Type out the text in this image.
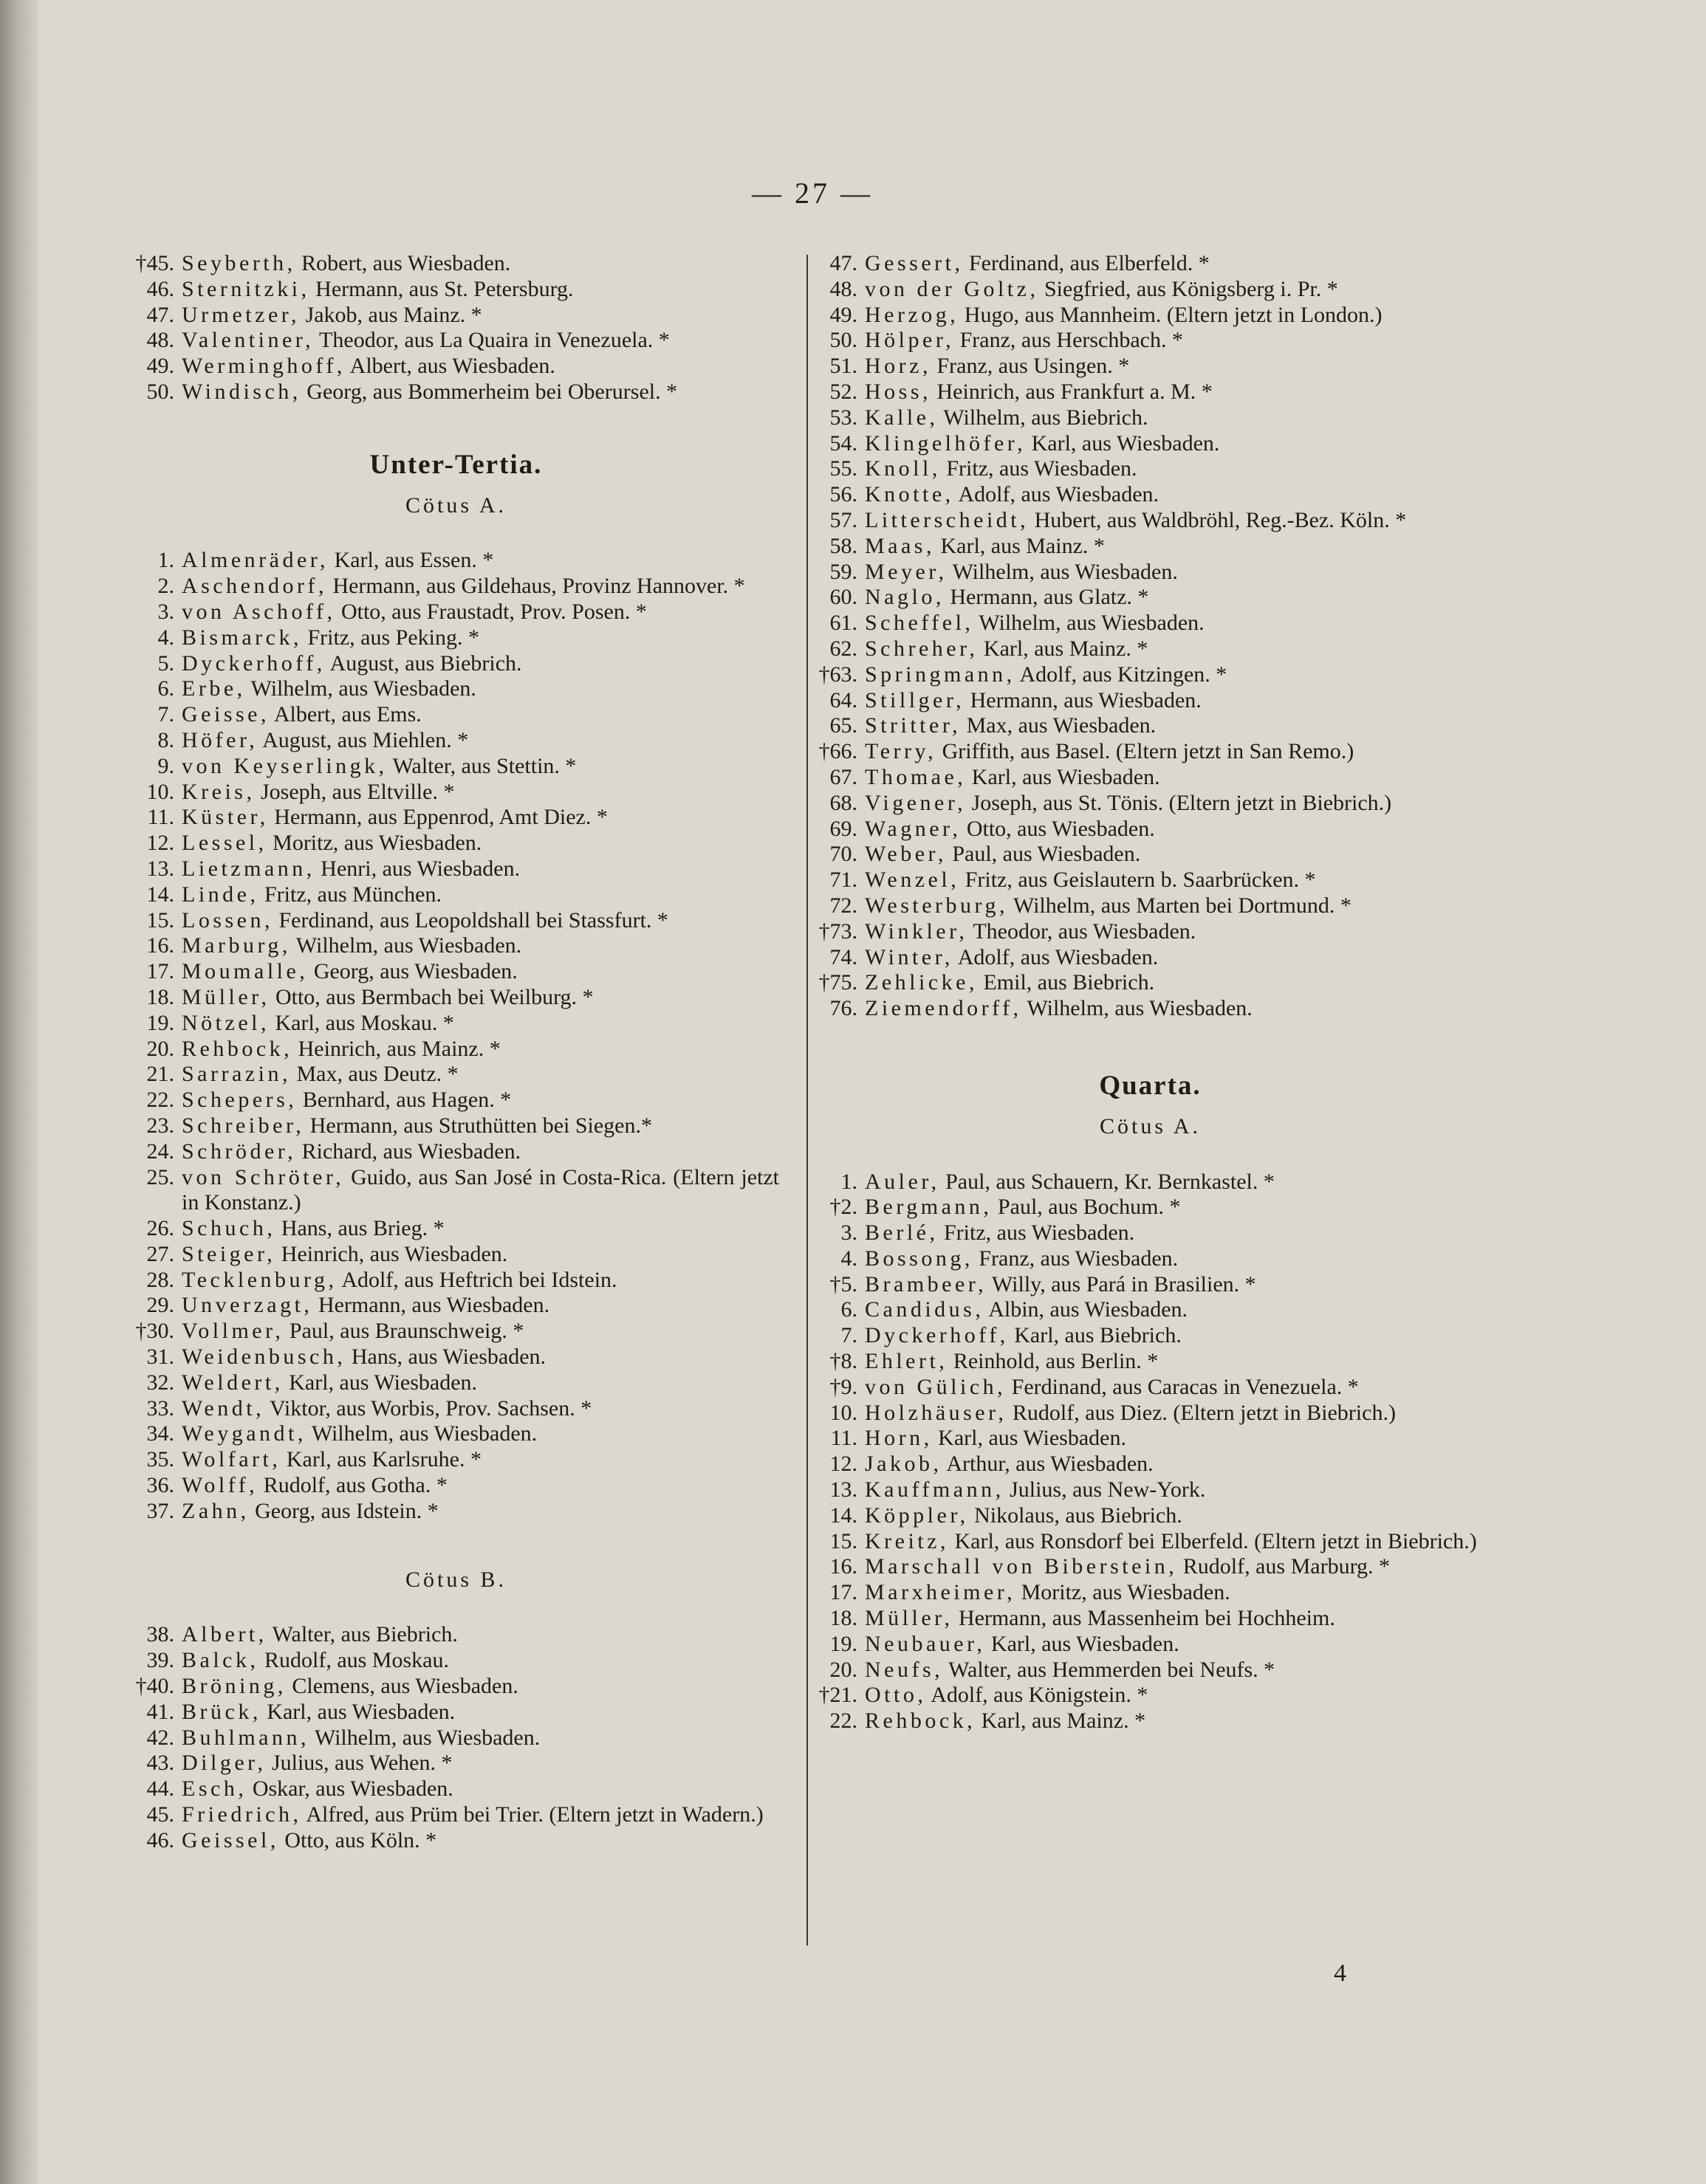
— 27 —
†45. Seyberth, Robert, aus Wiesbaden.
46. Sternitzki, Hermann, aus St. Petersburg.
47. Urmetzer, Jakob, aus Mainz. *
48. Valentiner, Theodor, aus La Quaira in Venezuela. *
49. Werminghoff, Albert, aus Wiesbaden.
50. Windisch, Georg, aus Bommerheim bei Oberursel. *
Unter-Tertia.
Cötus A.
1. Almenräder, Karl, aus Essen. *
2. Aschendorf, Hermann, aus Gildehaus, Provinz Hannover. *
3. von Aschoff, Otto, aus Fraustadt, Prov. Posen. *
4. Bismarck, Fritz, aus Peking. *
5. Dyckerhoff, August, aus Biebrich.
6. Erbe, Wilhelm, aus Wiesbaden.
7. Geisse, Albert, aus Ems.
8. Höfer, August, aus Miehlen. *
9. von Keyserlingk, Walter, aus Stettin. *
10. Kreis, Joseph, aus Eltville. *
11. Küster, Hermann, aus Eppenrod, Amt Diez. *
12. Lessel, Moritz, aus Wiesbaden.
13. Lietzmann, Henri, aus Wiesbaden.
14. Linde, Fritz, aus München.
15. Lossen, Ferdinand, aus Leopoldshall bei Stassfurt. *
16. Marburg, Wilhelm, aus Wiesbaden.
17. Moumalle, Georg, aus Wiesbaden.
18. Müller, Otto, aus Bermbach bei Weilburg. *
19. Nötzel, Karl, aus Moskau. *
20. Rehbock, Heinrich, aus Mainz. *
21. Sarrazin, Max, aus Deutz. *
22. Schepers, Bernhard, aus Hagen. *
23. Schreiber, Hermann, aus Struthütten bei Siegen.*
24. Schröder, Richard, aus Wiesbaden.
25. von Schröter, Guido, aus San José in Costa-Rica. (Eltern jetzt in Konstanz.)
26. Schuch, Hans, aus Brieg. *
27. Steiger, Heinrich, aus Wiesbaden.
28. Tecklenburg, Adolf, aus Heftrich bei Idstein.
29. Unverzagt, Hermann, aus Wiesbaden.
†30. Vollmer, Paul, aus Braunschweig. *
31. Weidenbusch, Hans, aus Wiesbaden.
32. Weldert, Karl, aus Wiesbaden.
33. Wendt, Viktor, aus Worbis, Prov. Sachsen. *
34. Weygandt, Wilhelm, aus Wiesbaden.
35. Wolfart, Karl, aus Karlsruhe. *
36. Wolff, Rudolf, aus Gotha. *
37. Zahn, Georg, aus Idstein. *
Cötus B.
38. Albert, Walter, aus Biebrich.
39. Balck, Rudolf, aus Moskau.
†40. Bröning, Clemens, aus Wiesbaden.
41. Brück, Karl, aus Wiesbaden.
42. Buhlmann, Wilhelm, aus Wiesbaden.
43. Dilger, Julius, aus Wehen. *
44. Esch, Oskar, aus Wiesbaden.
45. Friedrich, Alfred, aus Prüm bei Trier. (Eltern jetzt in Wadern.)
46. Geissel, Otto, aus Köln. *
47. Gessert, Ferdinand, aus Elberfeld. *
48. von der Goltz, Siegfried, aus Königsberg i. Pr. *
49. Herzog, Hugo, aus Mannheim. (Eltern jetzt in London.)
50. Hölper, Franz, aus Herschbach. *
51. Horz, Franz, aus Usingen. *
52. Hoss, Heinrich, aus Frankfurt a. M. *
53. Kalle, Wilhelm, aus Biebrich.
54. Klingelhöfer, Karl, aus Wiesbaden.
55. Knoll, Fritz, aus Wiesbaden.
56. Knotte, Adolf, aus Wiesbaden.
57. Litterscheidt, Hubert, aus Waldbröhl, Reg.-Bez. Köln. *
58. Maas, Karl, aus Mainz. *
59. Meyer, Wilhelm, aus Wiesbaden.
60. Naglo, Hermann, aus Glatz. *
61. Scheffel, Wilhelm, aus Wiesbaden.
62. Schreher, Karl, aus Mainz. *
†63. Springmann, Adolf, aus Kitzingen. *
64. Stillger, Hermann, aus Wiesbaden.
65. Stritter, Max, aus Wiesbaden.
†66. Terry, Griffith, aus Basel. (Eltern jetzt in San Remo.)
67. Thomae, Karl, aus Wiesbaden.
68. Vigener, Joseph, aus St. Tönis. (Eltern jetzt in Biebrich.)
69. Wagner, Otto, aus Wiesbaden.
70. Weber, Paul, aus Wiesbaden.
71. Wenzel, Fritz, aus Geislautern b. Saarbrücken. *
72. Westerburg, Wilhelm, aus Marten bei Dortmund. *
†73. Winkler, Theodor, aus Wiesbaden.
74. Winter, Adolf, aus Wiesbaden.
†75. Zehlicke, Emil, aus Biebrich.
76. Ziemendorff, Wilhelm, aus Wiesbaden.
Quarta.
Cötus A.
1. Auler, Paul, aus Schauern, Kr. Bernkastel. *
†2. Bergmann, Paul, aus Bochum. *
3. Berlé, Fritz, aus Wiesbaden.
4. Bossong, Franz, aus Wiesbaden.
†5. Brambeer, Willy, aus Pará in Brasilien. *
6. Candidus, Albin, aus Wiesbaden.
7. Dyckerhoff, Karl, aus Biebrich.
†8. Ehlert, Reinhold, aus Berlin. *
†9. von Gülich, Ferdinand, aus Caracas in Venezuela. *
10. Holzhäuser, Rudolf, aus Diez. (Eltern jetzt in Biebrich.)
11. Horn, Karl, aus Wiesbaden.
12. Jakob, Arthur, aus Wiesbaden.
13. Kauffmann, Julius, aus New-York.
14. Köppler, Nikolaus, aus Biebrich.
15. Kreitz, Karl, aus Ronsdorf bei Elberfeld. (Eltern jetzt in Biebrich.)
16. Marschall von Biberstein, Rudolf, aus Marburg. *
17. Marxheimer, Moritz, aus Wiesbaden.
18. Müller, Hermann, aus Massenheim bei Hochheim.
19. Neubauer, Karl, aus Wiesbaden.
20. Neufs, Walter, aus Hemmerden bei Neufs. *
†21. Otto, Adolf, aus Königstein. *
22. Rehbock, Karl, aus Mainz. *
4
